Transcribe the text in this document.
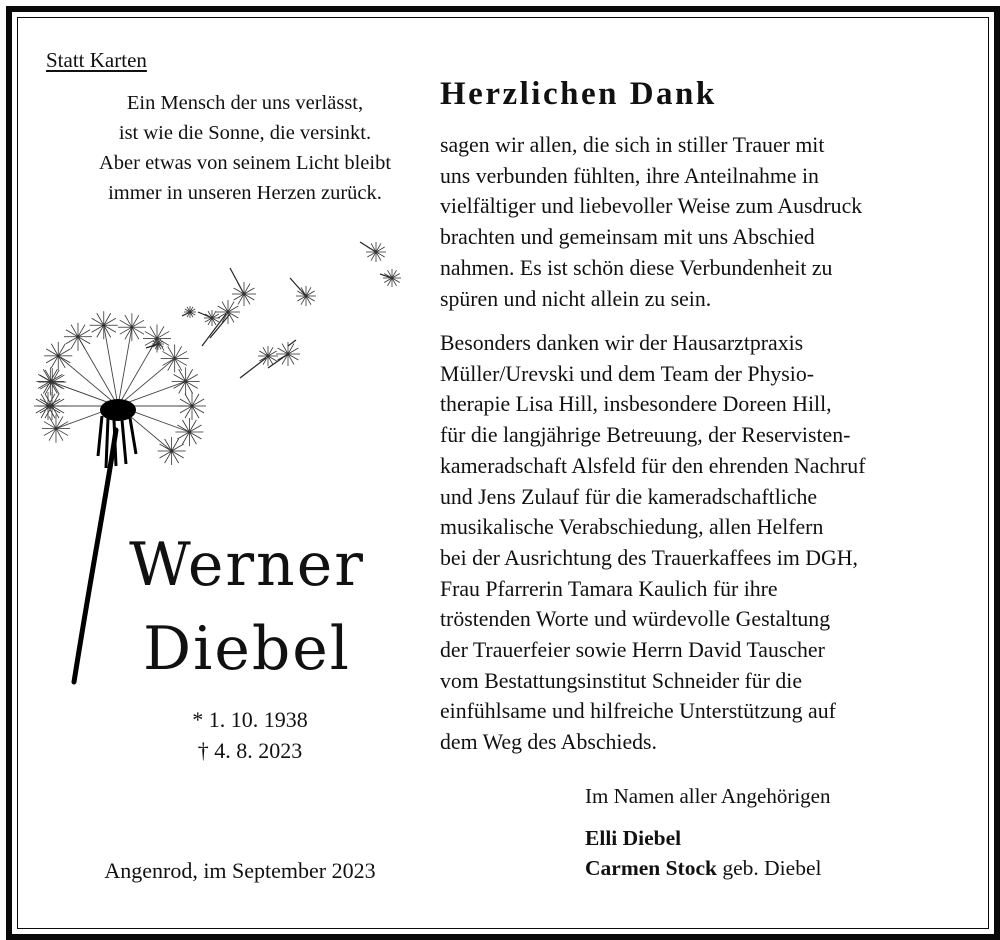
Statt Karten
Ein Mensch der uns verlässt,
ist wie die Sonne, die versinkt.
Aber etwas von seinem Licht bleibt
immer in unseren Herzen zurück.
Werner
Diebel
* 1. 10. 1938
† 4. 8. 2023
Angenrod, im September 2023
Herzlichen Dank
sagen wir allen, die sich in stiller Trauer mit
uns verbunden fühlten, ihre Anteilnahme in
vielfältiger und liebevoller Weise zum Ausdruck
brachten und gemeinsam mit uns Abschied
nahmen. Es ist schön diese Verbundenheit zu
spüren und nicht allein zu sein.
Besonders danken wir der Hausarztpraxis
Müller/Urevski und dem Team der Physio-
therapie Lisa Hill, insbesondere Doreen Hill,
für die langjährige Betreuung, der Reservisten-
kameradschaft Alsfeld für den ehrenden Nachruf
und Jens Zulauf für die kameradschaftliche
musikalische Verabschiedung, allen Helfern
bei der Ausrichtung des Trauerkaffees im DGH,
Frau Pfarrerin Tamara Kaulich für ihre
tröstenden Worte und würdevolle Gestaltung
der Trauerfeier sowie Herrn David Tauscher
vom Bestattungsinstitut Schneider für die
einfühlsame und hilfreiche Unterstützung auf
dem Weg des Abschieds.
Im Namen aller Angehörigen
Elli Diebel
Carmen Stock geb. Diebel
